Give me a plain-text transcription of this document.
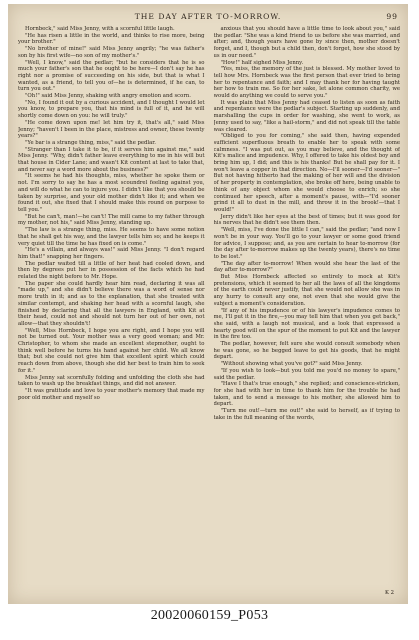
THE DAY AFTER TO-MORROW.	99

Hornbeck," said Miss Jenny, with a scornful little laugh.

"He has risen a little in the world, and thinks to rise more, being your brother."

"No brother of mine!" said Miss Jenny angrily; "he was father's son by his first wife—no son of my mother's."

"Well, I know," said the pedlar; "but he considers that he is so much your father's son that he ought to be here—I don't say he has right nor a promise of succeeding on his side, but that is what I wanted, as a friend, to tell you of—he is determined, if he can, to turn you out."

"Oh!" said Miss Jenny, shaking with angry emotion and scorn.

"No, I found it out by a curious accident, and I thought I would let you know, to prepare you, that his mind is full of it, and he will shortly come down on you: he will truly."

"He come down upon me! let him try it, that's all," said Miss Jenny; "haven't I been in the place, mistress and owner, these twenty years?"

"Ye bar is a strange thing, miss," said the pedlar.

"Stranger than I take it to be, if it serves him against me," said Miss Jenny. "Why, didn't father leave everything to me in his will but that house in Cider Lane; and wasn't Kit content at last to take that, and never say a word more about the business?"

"It seems he had his thoughts, miss, whether he spoke them or not. I'm sorry to say he has a most scoundrel feeling against you, and will do what he can to injure you. I didn't like that you should be taken by surprise, and your old mother didn't like it; and when we found it out, she fixed that I should make this round on purpose to tell you."

"But he can't, man!—he can't! The mill came to my father through my mother, not his," said Miss Jenny, standing up.

"The law is a strange thing, miss. He seems to have some notion that he shall get his way, and the lawyer tells him so; and he keeps it very quiet till the time he has fixed on is come."

"He's a villain, and always was!" said Miss Jenny. "I don't regard him that!" snapping her fingers.

The pedlar waited till a little of her heat had cooled down, and then by degrees put her in possession of the facts which he had related the night before to Mr. Hope.

The paper she could hardly hear him read, declaring it was all "made up," and she didn't believe there was a word of sense nor more truth in it; and as to the explanation, that she treated with similar contempt, and shaking her head with a scornful laugh, she finished by declaring that all the lawyers in England, with Kit at their head, could not and should not turn her out of her own, not allow—that they shouldn't!

"Well, Miss Hornbeck, I hope you are right, and I hope you will not be turned out. Your mother was a very good woman; and Mr. Christopher, to whom she made an excellent stepmother, ought to think well before he turns his hand against her child. We all know that; but she could not give him that excellent spirit which could reach down from above, though she did her best to train him to seek for it."

Miss Jenny sat scornfully folding and unfolding the cloth she had taken to wash up the breakfast things, and did not answer.

"It was gratitude and love to your mother's memory that made my poor old mother and myself so

anxious that you should have a little time to look about you," said the pedlar. "She was a kind friend to us before she was married, and after; and, though years have gone by since then, mother doesn't forget, and I, though but a child then, don't forget, how she stood by us in our need."

"How!" half sighed Miss Jenny.

"Yes, miss, the memory of the just is blessed. My mother loved to tell how Mrs. Hornbeck was the first person that ever tried to bring her to repentance and faith; and I may thank her for having taught her how to train me. So for her sake, let alone common charity, we would do anything we could to serve you."

It was plain that Miss Jenny had ceased to listen as soon as faith and repentance were the pedlar's subject. Starting up suddenly, and marshalling the cups in order for washing, she went to work, as Jenny used to say, "like a hail-storm," and did not speak till the table was cleared.

"Obliged to you for coming," she said then, having expended sufficient superfluous breath to enable her to speak with some calmness. "I was put out, as you may believe, and the thought of Kit's malice and impudence. Why, I offered to take his oldest boy and bring him up, I did; and this is his thanks! But he shall pay for it. I won't leave a copper in that direction. No—I'll sooner—I'd sooner—" But not having hitherto had the making of her will and the division of her property in contemplation, she broke off here, being unable to think of any object whom she would choose to enrich; so she continued her speech, after a moment's pause, with—"I'd sooner grind it all to dust in the mill, and throw it in the brook!—that I would!"

Jerry didn't like her eyes at the best of times; but it was good for his nerves that he didn't see them then.

"Well, miss, I've done the little I can," said the pedlar; "and now I won't be in your way. You'll go to your lawyer or some good friend for advice, I suppose; and, as you are certain to hear to-morrow (for the day after to-morrow makes up the twenty years), there's no time to be lost."

"The day after to-morrow! When would she hear the last of the day after to-morrow?"

But Miss Hornbeck affected so entirely to mock at Kit's pretensions, which it seemed to her all the laws of all the kingdoms of the earth could never justify, that she would not allow she was in any hurry to consult any one, not even that she would give the subject a moment's consideration.

"If any of his impudence or of his lawyer's impudence comes to me, I'll put it in the fire,—you may tell him that when you get back," she said, with a laugh not musical, and a look that expressed a hearty good will on the spur of the moment to put Kit and the lawyer in the fire too.

The pedlar, however, felt sure she would consult somebody when he was gone, so he begged leave to get his goods, that he might depart.

"Without showing what you've got?" said Miss Jenny.

"If you wish to look—but you told me you'd no money to spare," said the pedlar.

"Have I that's true enough," she replied; and conscience-stricken, for she had with her in time to thank him for the trouble he had taken, and to send a message to his mother, she allowed him to depart.

"Turn me out!—turn me out!" she said to herself, as if trying to take in the full meaning of the words,

K 2
20020060159_P053
